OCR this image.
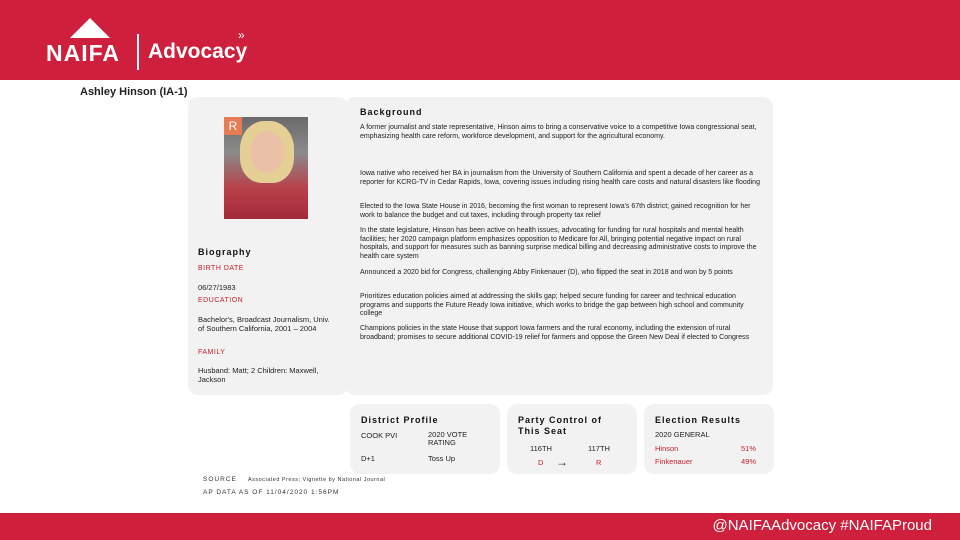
NAIFA Advocacy
»
Ashley Hinson (IA-1)
R
Biography
BIRTH DATE
06/27/1983
EDUCATION
Bachelor's, Broadcast Journalism, Univ. of Southern California, 2001 – 2004
FAMILY
Husband: Matt; 2 Children: Maxwell, Jackson
Background
A former journalist and state representative, Hinson aims to bring a conservative voice to a competitive Iowa congressional seat, emphasizing health care reform, workforce development, and support for the agricultural economy.
Iowa native who received her BA in journalism from the University of Southern California and spent a decade of her career as a reporter for KCRG-TV in Cedar Rapids, Iowa, covering issues including rising health care costs and natural disasters like flooding
Elected to the Iowa State House in 2016, becoming the first woman to represent Iowa's 67th district; gained recognition for her work to balance the budget and cut taxes, including through property tax relief
In the state legislature, Hinson has been active on health issues, advocating for funding for rural hospitals and mental health facilities; her 2020 campaign platform emphasizes opposition to Medicare for All, bringing potential negative impact on rural hospitals, and support for measures such as banning surprise medical billing and decreasing administrative costs to improve the health care system
Announced a 2020 bid for Congress, challenging Abby Finkenauer (D), who flipped the seat in 2018 and won by 5 points
Prioritizes education policies aimed at addressing the skills gap; helped secure funding for career and technical education programs and supports the Future Ready Iowa initiative, which works to bridge the gap between high school and community college
Champions policies in the state House that support Iowa farmers and the rural economy, including the extension of rural broadband; promises to secure additional COVID-19 relief for farmers and oppose the Green New Deal if elected to Congress
District Profile
COOK PVI	2020 VOTE RATING
D+1	Toss Up
Party Control of This Seat
116TH	117TH
D →	R
Election Results
2020 GENERAL
Hinson	51%
Finkenauer	49%
SOURCE Associated Press; Vignette by National Journal
AP DATA AS OF 11/04/2020 1:56PM
@NAIFAAdvocacy #NAIFAProud
